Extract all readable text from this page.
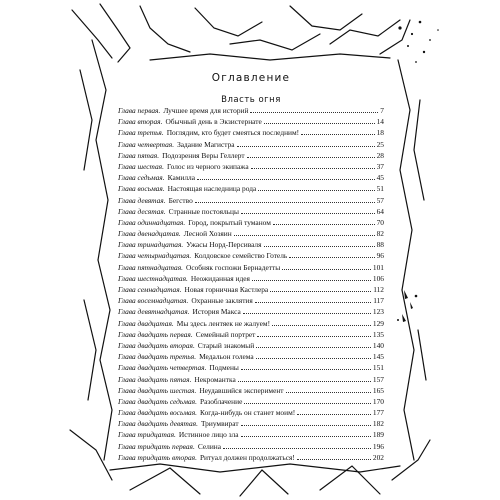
Оглавление
Власть огня
Глава первая. Лучшее время для историй	7
Глава вторая. Обычный день в Экзистернате	14
Глава третья. Поглядим, кто будет смеяться последним!	18
Глава четвертая. Задание Магистра	25
Глава пятая. Подозрения Веры Геллерт	28
Глава шестая. Голос из черного экипажа	37
Глава седьмая. Камилла	45
Глава восьмая. Настоящая наследница рода	51
Глава девятая. Бегство	57
Глава десятая. Странные постояльцы	64
Глава одиннадцатая. Город, покрытый туманом	70
Глава двенадцатая. Лесной Хозяин	82
Глава тринадцатая. Ужасы Норд-Персиваля	88
Глава четырнадцатая. Колдовское семейство Готель	96
Глава пятнадцатая. Особняк госпожи Бернадетты	101
Глава шестнадцатая. Неожиданная идея	106
Глава семнадцатая. Новая горничная Кастлера	112
Глава восемнадцатая. Охранные заклятия	117
Глава девятнадцатая. История Макса	123
Глава двадцатая. Мы здесь лентяек не жалуем!	129
Глава двадцать первая. Семейный портрет	135
Глава двадцать вторая. Старый знакомый	140
Глава двадцать третья. Медальон голема	145
Глава двадцать четвертая. Подмены	151
Глава двадцать пятая. Некромантка	157
Глава двадцать шестая. Неудавшийся эксперимент	165
Глава двадцать седьмая. Разоблачение	170
Глава двадцать восьмая. Когда-нибудь он станет моим!	177
Глава двадцать девятая. Триумвират	182
Глава тридцатая. Истинное лицо зла	189
Глава тридцать первая. Селина	196
Глава тридцать вторая. Ритуал должен продолжаться!	202
